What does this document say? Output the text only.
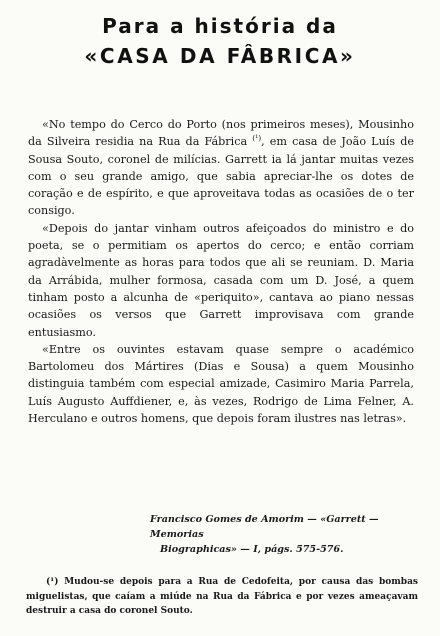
Para a história da
«CASA DA FÂBRICA»

«No tempo do Cerco do Porto (nos primeiros meses), Mousinho da Silveira residia na Rua da Fábrica $^{(^1)}$, em casa de João Luís de Sousa Souto, coronel de milícias. Garrett ia lá jantar muitas vezes com o seu grande amigo, que sabia apreciar-lhe os dotes de coração e de espírito, e que aproveitava todas as ocasiões de o ter consigo.

«Depois do jantar vinham outros afeiçoados do ministro e do poeta, se o permitiam os apertos do cerco; e então corriam agradàvelmente as horas para todos que ali se reuniam. D. Maria da Arrábida, mulher formosa, casada com um D. José, a quem tinham posto a alcunha de «periquito», cantava ao piano nessas ocasiões os versos que Garrett improvisava com grande entusiasmo.

«Entre os ouvintes estavam quase sempre o académico Bartolomeu dos Mártires (Dias e Sousa) a quem Mousinho distinguia também com especial amizade, Casimiro Maria Parrela, Luís Augusto Auffdiener, e, às vezes, Rodrigo de Lima Felner, A. Herculano e outros homens, que depois foram ilustres nas letras».

Francisco Gomes de Amorim — «Garrett — Memorias
Biographicas» — I, págs. 575-576.
(¹) Mudou-se depois para a Rua de Cedofeita, por causa das bombas miguelistas, que caíam a miúde na Rua da Fábrica e por vezes ameaçavam destruir a casa do coronel Souto.
